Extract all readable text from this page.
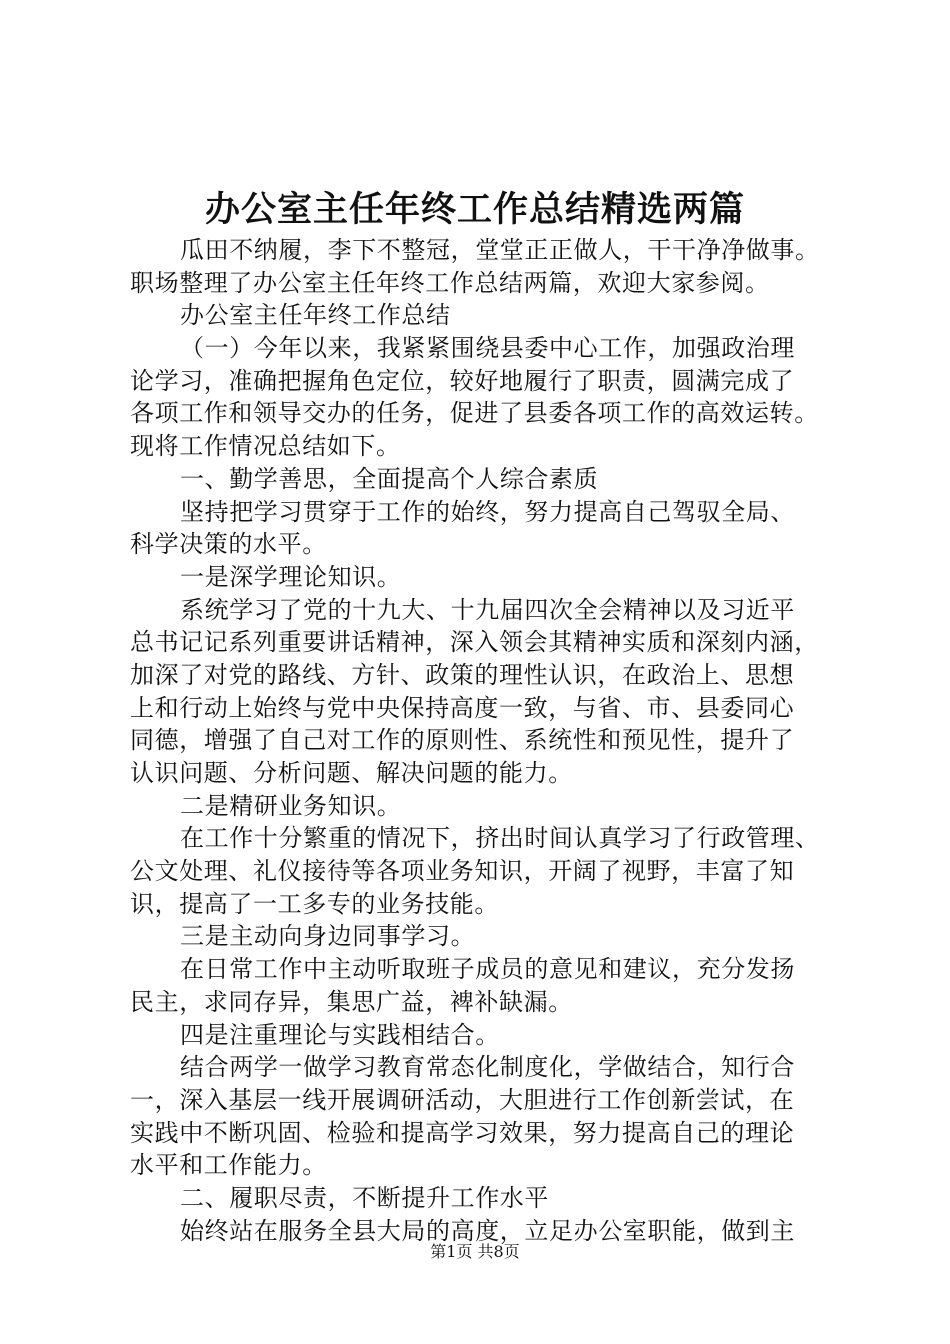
办公室主任年终工作总结精选两篇
瓜田不纳履，李下不整冠，堂堂正正做人，干干净净做事。
职场整理了办公室主任年终工作总结两篇，欢迎大家参阅。
办公室主任年终工作总结
（一）今年以来，我紧紧围绕县委中心工作，加强政治理
论学习，准确把握角色定位，较好地履行了职责，圆满完成了
各项工作和领导交办的任务，促进了县委各项工作的高效运转。
现将工作情况总结如下。
一、勤学善思，全面提高个人综合素质
坚持把学习贯穿于工作的始终，努力提高自己驾驭全局、
科学决策的水平。
一是深学理论知识。
系统学习了党的十九大、十九届四次全会精神以及习近平
总书记记系列重要讲话精神，深入领会其精神实质和深刻内涵，
加深了对党的路线、方针、政策的理性认识，在政治上、思想
上和行动上始终与党中央保持高度一致，与省、市、县委同心
同德，增强了自己对工作的原则性、系统性和预见性，提升了
认识问题、分析问题、解决问题的能力。
二是精研业务知识。
在工作十分繁重的情况下，挤出时间认真学习了行政管理、
公文处理、礼仪接待等各项业务知识，开阔了视野，丰富了知
识，提高了一工多专的业务技能。
三是主动向身边同事学习。
在日常工作中主动听取班子成员的意见和建议，充分发扬
民主，求同存异，集思广益，裨补缺漏。
四是注重理论与实践相结合。
结合两学一做学习教育常态化制度化，学做结合，知行合
一，深入基层一线开展调研活动，大胆进行工作创新尝试，在
实践中不断巩固、检验和提高学习效果，努力提高自己的理论
水平和工作能力。
二、履职尽责，不断提升工作水平
始终站在服务全县大局的高度，立足办公室职能，做到主
第1页 共8页
